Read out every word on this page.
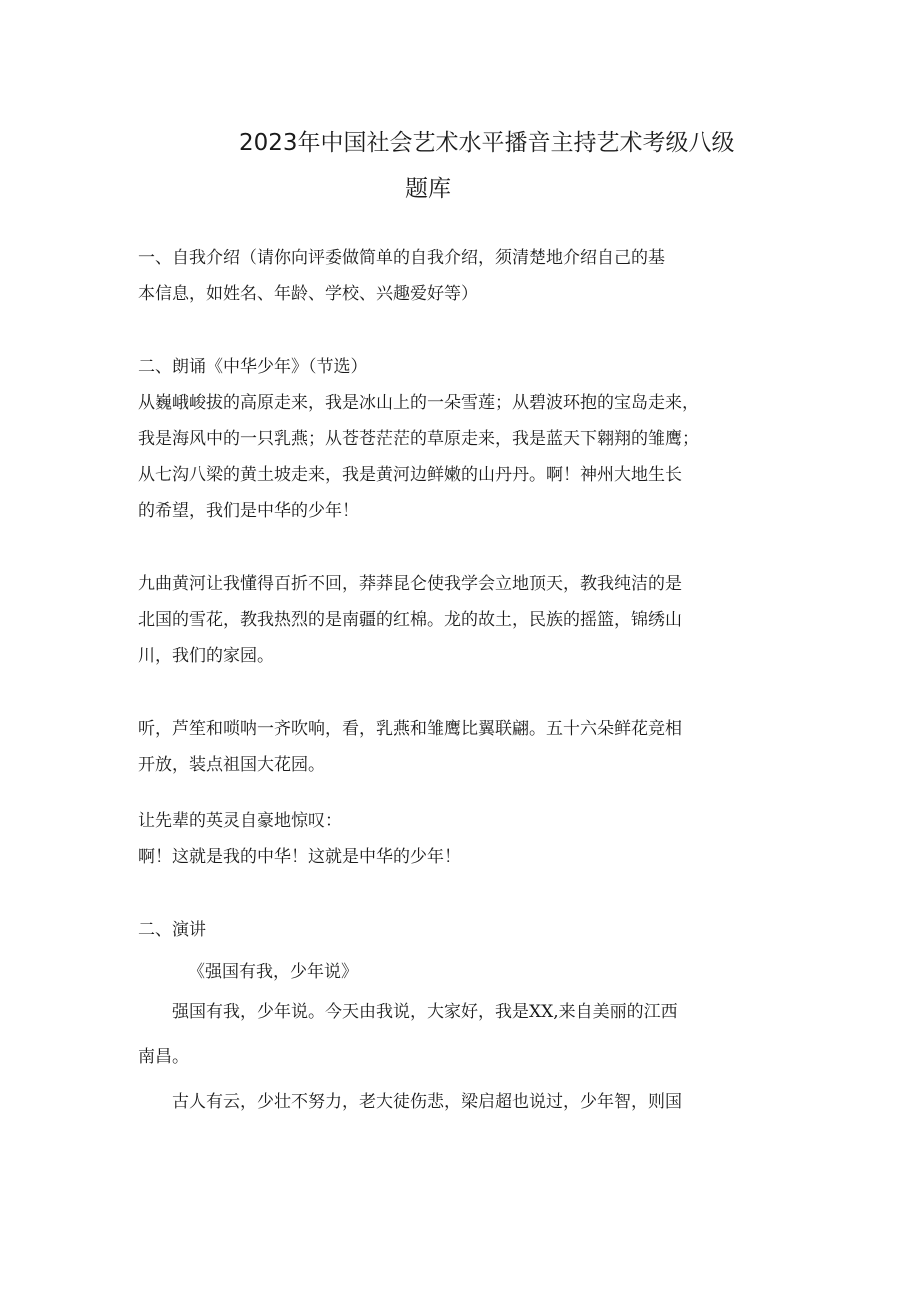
2023年中国社会艺术水平播音主持艺术考级八级
题库

一、自我介绍（请你向评委做简单的自我介绍，须清楚地介绍自己的基

本信息，如姓名、年龄、学校、兴趣爱好等）

二、朗诵《中华少年》（节选）

从巍峨峻拔的高原走来，我是冰山上的一朵雪莲；从碧波环抱的宝岛走来，

我是海风中的一只乳燕；从苍苍茫茫的草原走来，我是蓝天下翱翔的雏鹰；

从七沟八梁的黄土坡走来，我是黄河边鲜嫩的山丹丹。啊！神州大地生长

的希望，我们是中华的少年！

九曲黄河让我懂得百折不回，莽莽昆仑使我学会立地顶天，教我纯洁的是

北国的雪花，教我热烈的是南疆的红棉。龙的故土，民族的摇篮，锦绣山

川，我们的家园。

听，芦笙和唢呐一齐吹响，看，乳燕和雏鹰比翼联翩。五十六朵鲜花竞相

开放，装点祖国大花园。

让先辈的英灵自豪地惊叹：

啊！这就是我的中华！这就是中华的少年！

二、演讲

《强国有我，少年说》

强国有我，少年说。今天由我说，大家好，我是XX,来自美丽的江西

南昌。

古人有云，少壮不努力，老大徒伤悲，梁启超也说过，少年智，则国
